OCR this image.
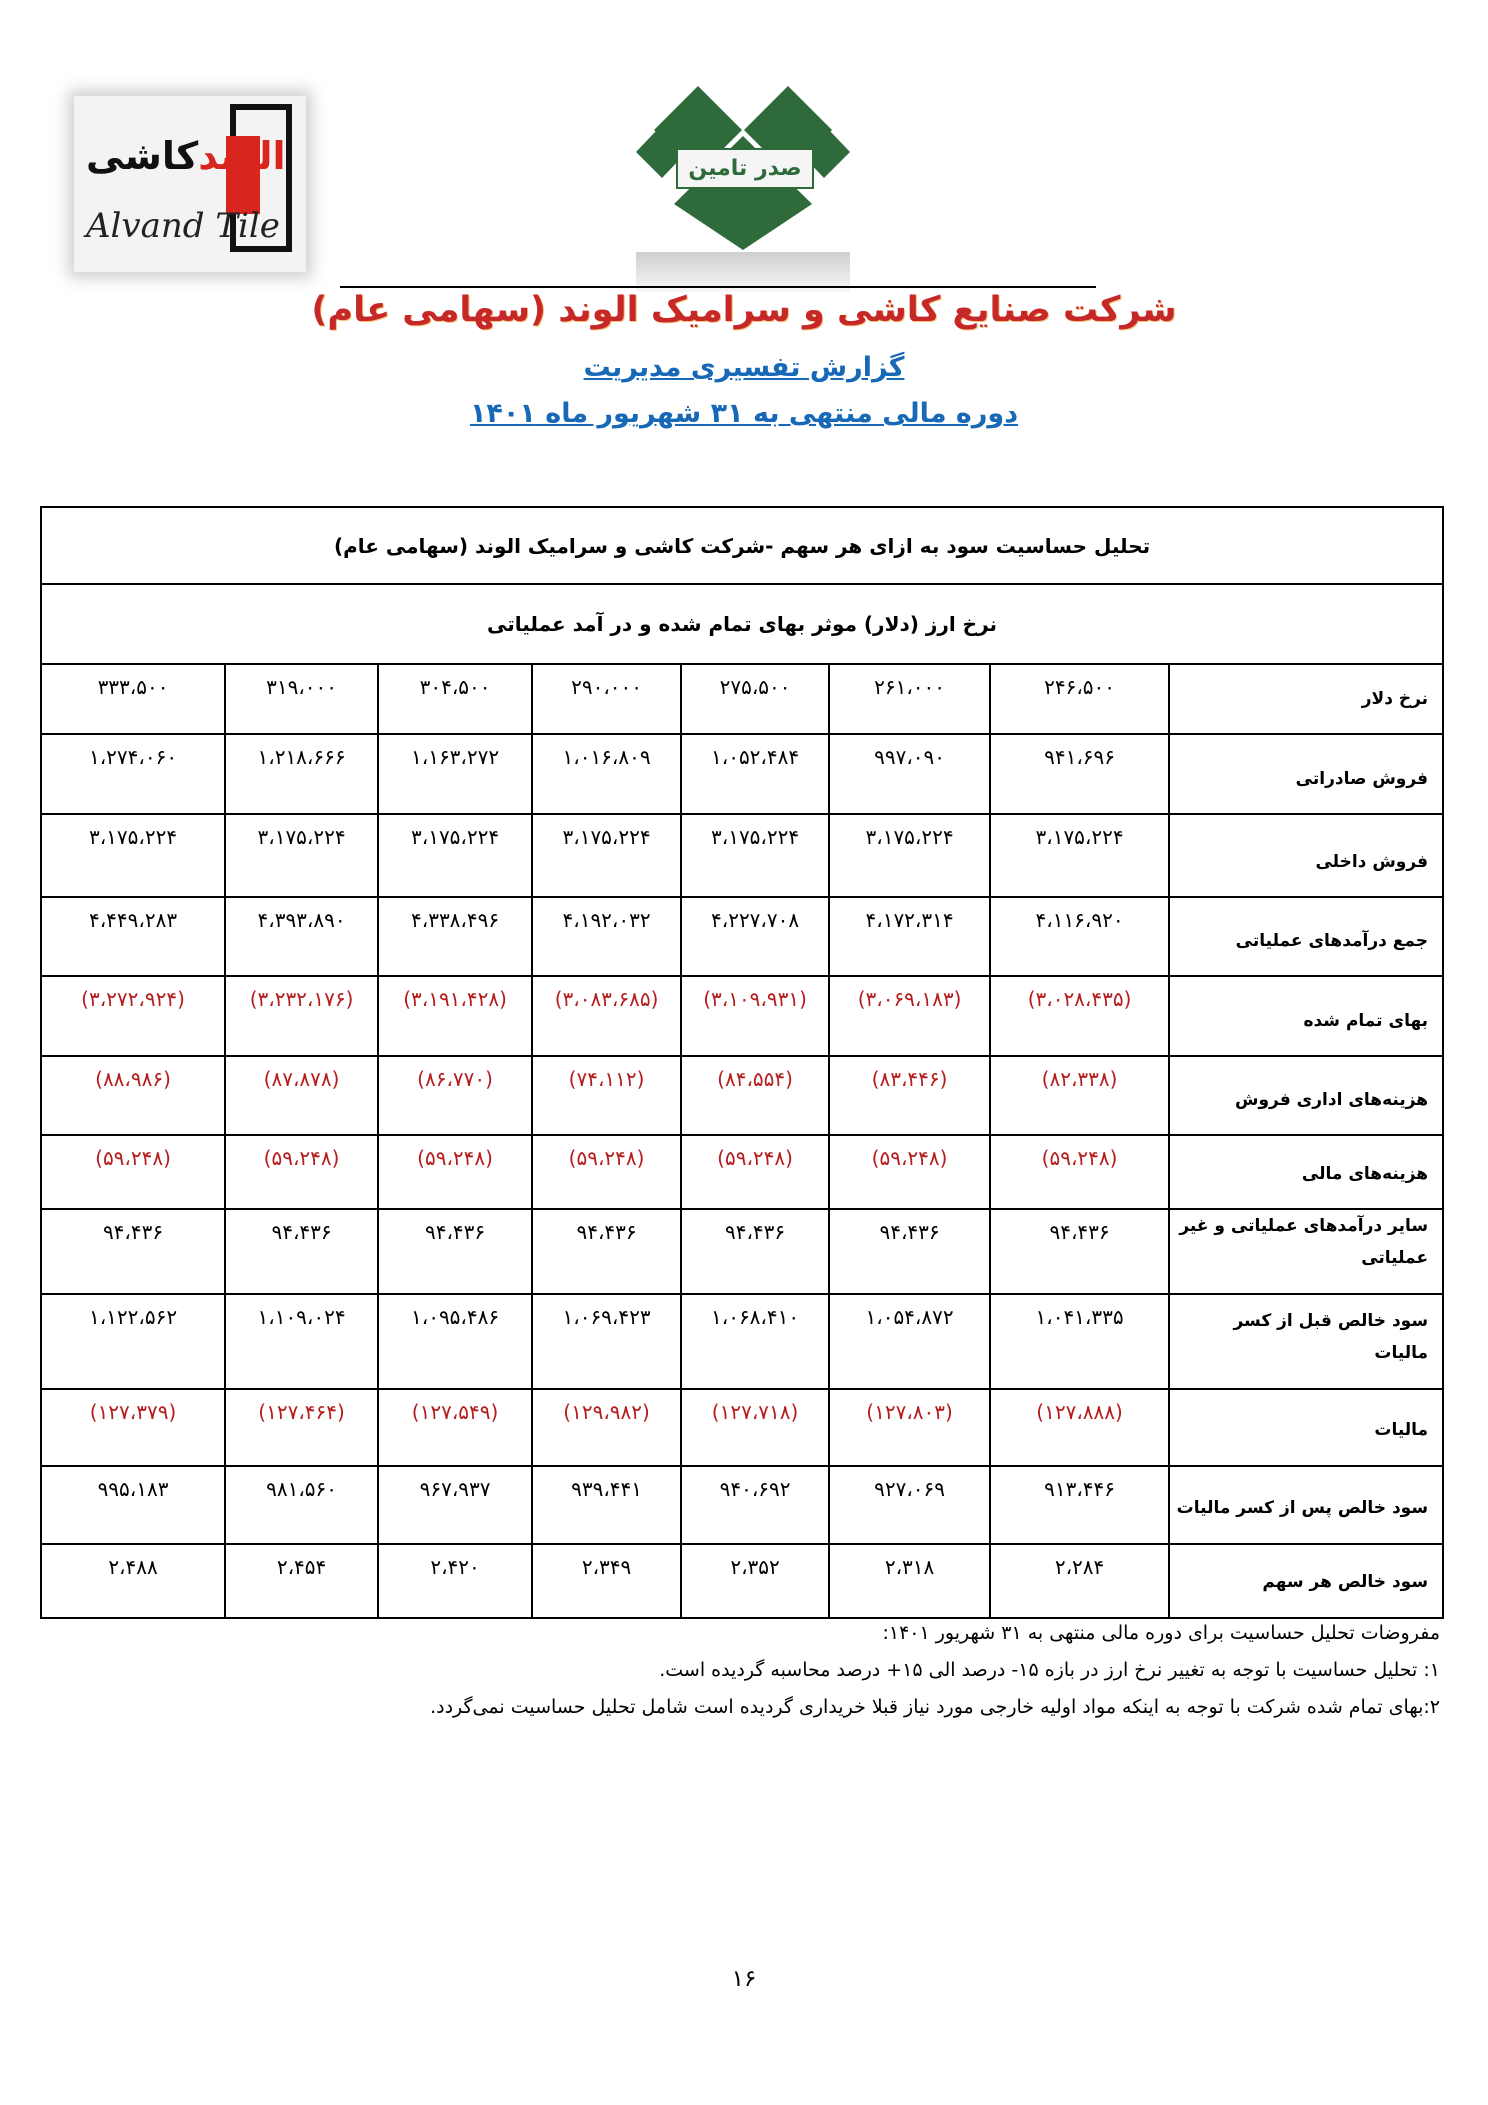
الوندکاشی
Alvand Tile
صدر تامین
شرکت صنایع کاشی و سرامیک الوند (سهامی عام)
گزارش تفسیری مدیریت
دوره مالی منتهی به ۳۱ شهریور ماه ۱۴۰۱
تحلیل حساسیت سود به ازای هر سهم -شرکت کاشی و سرامیک الوند (سهامی عام)							
نرخ ارز (دلار) موثر بهای تمام شده و در آمد عملیاتی							
نرخ دلار	۲۴۶،۵۰۰	۲۶۱،۰۰۰	۲۷۵،۵۰۰	۲۹۰،۰۰۰	۳۰۴،۵۰۰	۳۱۹،۰۰۰	۳۳۳،۵۰۰
فروش صادراتی	۹۴۱،۶۹۶	۹۹۷،۰۹۰	۱،۰۵۲،۴۸۴	۱،۰۱۶،۸۰۹	۱،۱۶۳،۲۷۲	۱،۲۱۸،۶۶۶	۱،۲۷۴،۰۶۰
فروش داخلی	۳،۱۷۵،۲۲۴	۳،۱۷۵،۲۲۴	۳،۱۷۵،۲۲۴	۳،۱۷۵،۲۲۴	۳،۱۷۵،۲۲۴	۳،۱۷۵،۲۲۴	۳،۱۷۵،۲۲۴
جمع درآمدهای عملیاتی	۴،۱۱۶،۹۲۰	۴،۱۷۲،۳۱۴	۴،۲۲۷،۷۰۸	۴،۱۹۲،۰۳۲	۴،۳۳۸،۴۹۶	۴،۳۹۳،۸۹۰	۴،۴۴۹،۲۸۳
بهای تمام شده	(۳،۰۲۸،۴۳۵)	(۳،۰۶۹،۱۸۳)	(۳،۱۰۹،۹۳۱)	(۳،۰۸۳،۶۸۵)	(۳،۱۹۱،۴۲۸)	(۳،۲۳۲،۱۷۶)	(۳،۲۷۲،۹۲۴)
هزینه‌های اداری فروش	(۸۲،۳۳۸)	(۸۳،۴۴۶)	(۸۴،۵۵۴)	(۷۴،۱۱۲)	(۸۶،۷۷۰)	(۸۷،۸۷۸)	(۸۸،۹۸۶)
هزینه‌های مالی	(۵۹،۲۴۸)	(۵۹،۲۴۸)	(۵۹،۲۴۸)	(۵۹،۲۴۸)	(۵۹،۲۴۸)	(۵۹،۲۴۸)	(۵۹،۲۴۸)
سایر درآمدهای عملیاتی و غیر عملیاتی	۹۴،۴۳۶	۹۴،۴۳۶	۹۴،۴۳۶	۹۴،۴۳۶	۹۴،۴۳۶	۹۴،۴۳۶	۹۴،۴۳۶
سود خالص قبل از کسر مالیات	۱،۰۴۱،۳۳۵	۱،۰۵۴،۸۷۲	۱،۰۶۸،۴۱۰	۱،۰۶۹،۴۲۳	۱،۰۹۵،۴۸۶	۱،۱۰۹،۰۲۴	۱،۱۲۲،۵۶۲
مالیات	(۱۲۷،۸۸۸)	(۱۲۷،۸۰۳)	(۱۲۷،۷۱۸)	(۱۲۹،۹۸۲)	(۱۲۷،۵۴۹)	(۱۲۷،۴۶۴)	(۱۲۷،۳۷۹)
سود خالص پس از کسر مالیات	۹۱۳،۴۴۶	۹۲۷،۰۶۹	۹۴۰،۶۹۲	۹۳۹،۴۴۱	۹۶۷،۹۳۷	۹۸۱،۵۶۰	۹۹۵،۱۸۳
سود خالص هر سهم	۲،۲۸۴	۲،۳۱۸	۲،۳۵۲	۲،۳۴۹	۲،۴۲۰	۲،۴۵۴	۲،۴۸۸
مفروضات تحلیل حساسیت برای دوره مالی منتهی به ۳۱ شهریور ۱۴۰۱:
۱: تحلیل حساسیت با توجه به تغییر نرخ ارز در بازه ۱۵- درصد الی ۱۵+ درصد محاسبه گردیده است.
۲:بهای تمام شده شرکت با توجه به اینکه مواد اولیه خارجی مورد نیاز قبلا خریداری گردیده است شامل تحلیل حساسیت نمی‌گردد.
۱۶
